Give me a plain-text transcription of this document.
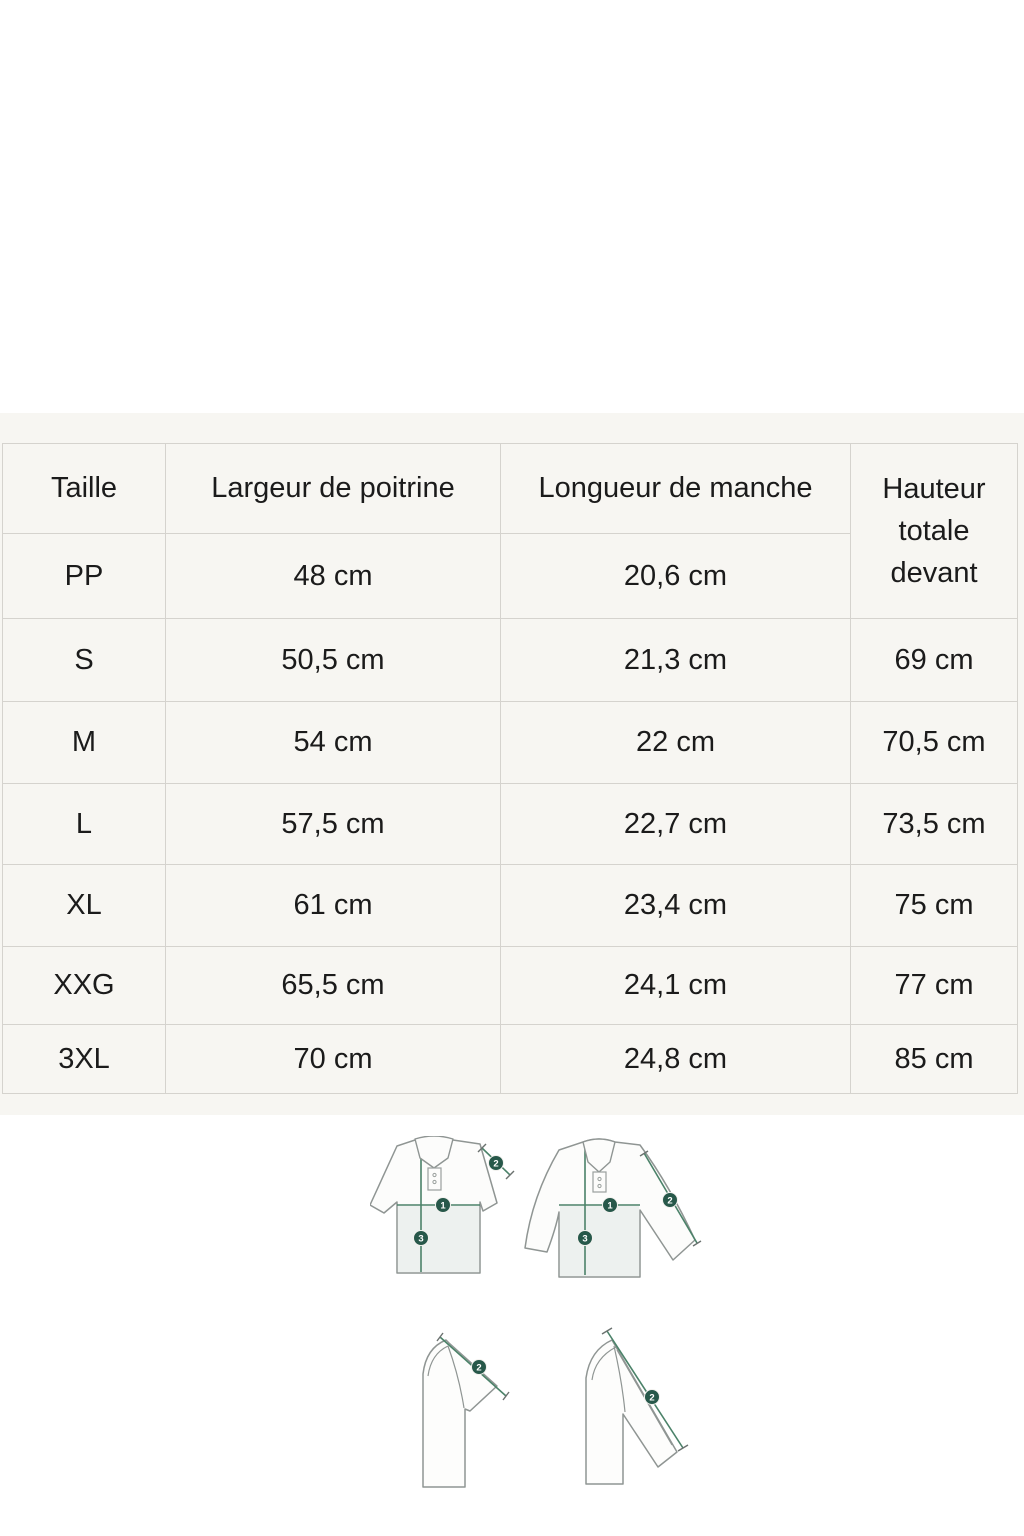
Taille	Largeur de poitrine	Longueur de manche	Hauteur totale devant
PP	48 cm	20,6 cm	
S	50,5 cm	21,3 cm	69 cm
M	54 cm	22 cm	70,5 cm
L	57,5 cm	22,7 cm	73,5 cm
XL	61 cm	23,4 cm	75 cm
XXG	65,5 cm	24,1 cm	77 cm
3XL	70 cm	24,8 cm	85 cm
1
2
3
1	2
3
2
2
